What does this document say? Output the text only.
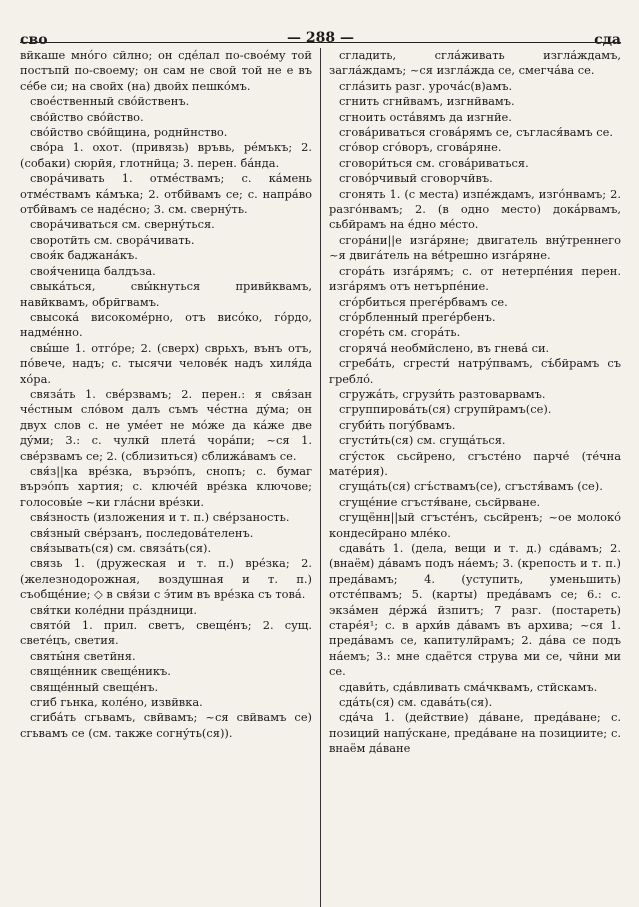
сво	— 288 —	сда

вйкаше мнóго сйлно; он сдéлал по-своéму той постъпй по-своему; он сам не свой той не е въ сéбе си; на свойх (на) двойх пешкóмъ.

своéственный свóйственъ.

свóйство свóйство.

свóйство свóйщина, роднйнство.

свóра 1. охот. (привязь) връвь, рéмъкъ; 2. (собаки) сюрйя, глотнйца; 3. перен. бáнда.

свора́чивать 1. отмéствамъ; с. кáмень отмéствамъ кáмъка; 2. отбйвамъ се; с. напрáво отбйвамъ се надéсно; 3. см. свернýть.

свора́чиваться см. свернýться.

своротйть см. свора́чивать.

своя́к баджанáкъ.

своя́ченица балдъза.

свыкáться, свы́кнуться привйквамъ, навйквамъ, обрйгвамъ.

свысокá високомéрно, отъ висóко, гóрдо, надмéнно.

свы́ше 1. отгóре; 2. (сверх) сврьхъ, вънъ отъ, пóвече, надъ; с. тысячи человéк надъ хиля́да хóра.

связáть 1. свéрзвамъ; 2. перен.: я свя́зан чéстным слóвом далъ съмъ чéстна дýма; он двух слов с. не умéет не мóже да кáже две дýми; 3.: с. чулкй плетá чорáпи; ~ся 1. свéрзвамъ се; 2. (сблизиться) сближáвамъ се.

свя́з||ка врéзка, върэóпъ, снопъ; с. бумаг върэóпъ хартия; с. ключéй врéзка ключове; голосовы́е ~ки глáсни врéзки.

свя́зность (изложения и т. п.) свéрзаность.

свя́зный свéрзанъ, последовáтеленъ.

свя́зывать(ся) см. связáть(ся).

связь 1. (дружеская и т. п.) врéзка; 2. (железнодорожная, воздушная и т. п.) съобщéние; ◇ в свя́зи с э́тим въ врéзка съ товá.

свя́тки колéдни прáздници.

свято́й 1. прил. светъ, свещéнъ; 2. сущ. светéцъ, светия.

святы́ня светйня.

свящéнник свещéникъ.

свящéнный свещéнъ.

сгиб гьнка, колéно, извйвка.

сгибáть сгьвамъ, свйвамъ; ~ся свйвамъ се) сгьвамъ се (см. также согнýть(ся)).

сгладить, сглáживать изгла́ждамъ, загла́ждамъ; ~ся изгла́жда се, смегчáва се.

сглáзить разг. урочáс(в)амъ.

сгнить сгнйвамъ, изгнйвамъ.

сгноить остáвямъ да изгнйе.

сговáриваться сговáрямъ се, съглася́вамъ се.

сгóвор сгóворъ, сговáряне.

сговори́ться см. сговáриваться.

сговóрчивый сговорчйвъ.

сгонять 1. (с места) изпéждамъ, изгóнвамъ; 2. разгóнвамъ; 2. (в одно место) докáрвамъ, сьбйрамъ на éдно мéсто.

сгорáни||е изгáряне; двигатель внýтреннего ~я двигáтель на вétрешно изгáряне.

сгорáть изгáрямъ; с. от нетерпéния перен. изгáрямъ отъ нетърпéние.

сгóрбиться прегéрбвамъ се.

сгóрбленный прегéрбенъ.

сгорéть см. сгорáть.

сгорячá необмйслено, въ гневá си.

сгребáть, сгрести́ натрýпвамъ, съ́бйрамъ съ греблó.

сгружáть, сгрузи́ть разтоварвамъ.

сгруппировáть(ся) сгрупйрамъ(се).

сгуби́ть погу́бвамъ.

сгусти́ть(ся) см. сгущáться.

сгу́сток сьсйрено, сгъстéно парчé (тéчна матéрия).

сгущáть(ся) сгъ́ствамъ(се), сгъстя́вамъ (се).

сгущéние сгъстя́ване, сьсйрване.

сгущённ||ый сгъстéнъ, сьсйренъ; ~ое молокó кондесйрано млéко.

сдавáть 1. (дела, вещи и т. д.) сдáвамъ; 2. (внаём) дáвамъ подъ нáемъ; 3. (крепость и т. п.) предáвамъ; 4. (уступить, уменьшить) отстéпвамъ; 5. (карты) предáвамъ се; 6.: с. экзáмен дéржá йзпитъ; 7 разг. (постареть) старéя¹; с. в архи́в дáвамъ въ архива; ~ся 1. предáвамъ се, капитулйрамъ; 2. дáва се подъ нáемъ; 3.: мне сдаётся струва ми се, чйни ми се.

сдави́ть, сдáвливать смáчквамъ, стйскамъ.

сдáть(ся) см. сдавáть(ся).

сдáча 1. (действие) дáване, предáване; с. позиций напýскане, предáване на позициите; с. внаём дáване
